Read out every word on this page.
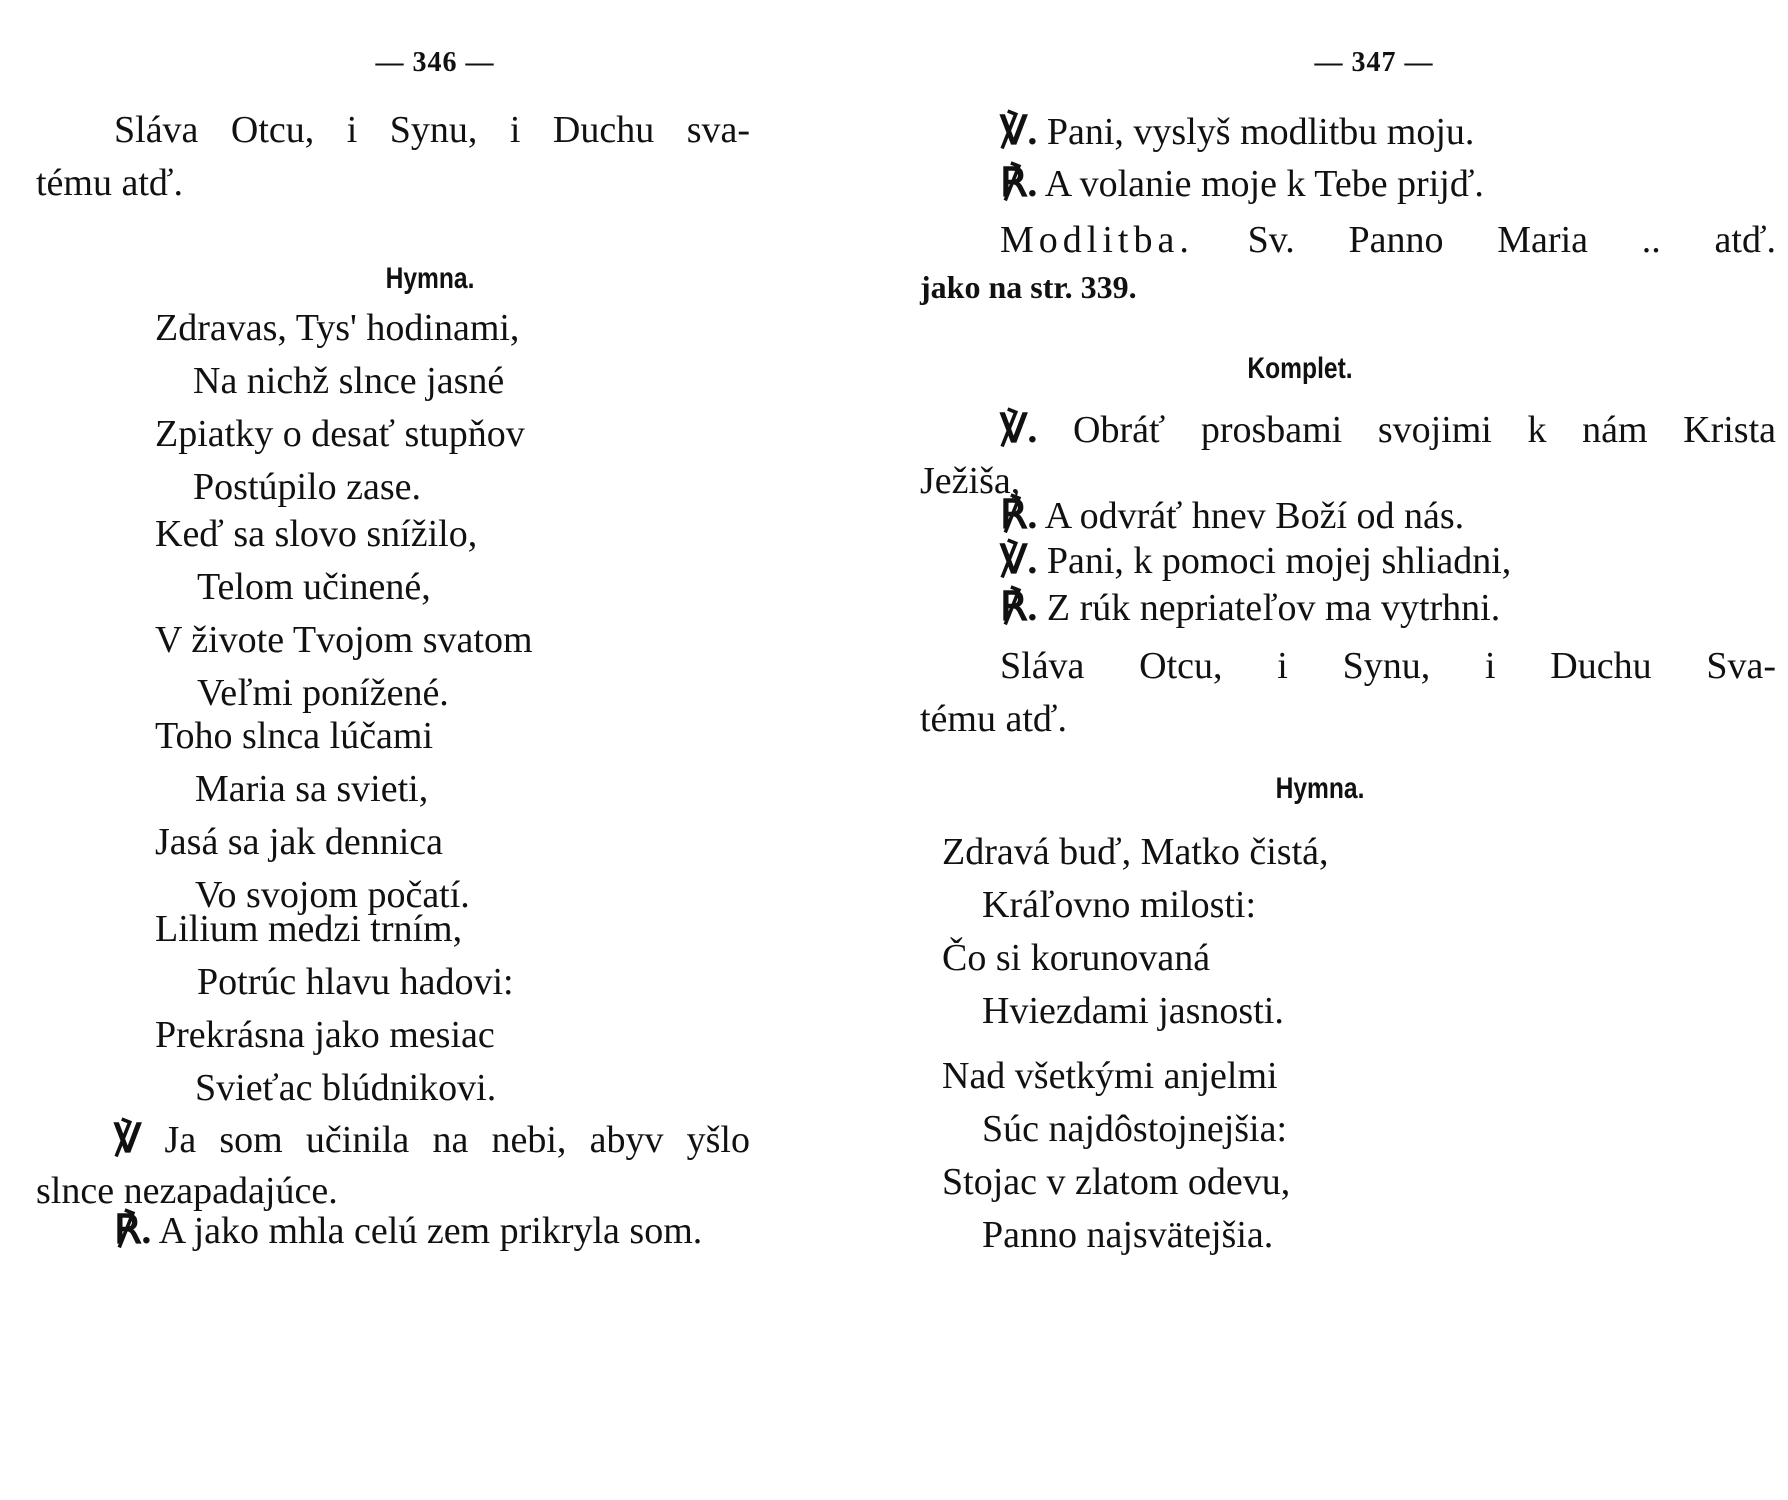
— 346 —
Sláva Otcu, i Synu, i Duchu sva-
tému atď.
Hymna.
Zdravas, Tys' hodinami,
Na nichž slnce jasné
Zpiatky o desať stupňov
Postúpilo zase.
Keď sa slovo snížilo,
Telom učinené,
V živote Tvojom svatom
Veľmi ponížené.
Toho slnca lúčami
Maria sa svieti,
Jasá sa jak dennica
Vo svojom počatí.
Lilium medzi trním,
Potrúc hlavu hadovi:
Prekrásna jako mesiac
Svieťac blúdnikovi.
℣ Ja som učinila na nebi, abyv yšlo
slnce nezapadajúce.
℟. A jako mhla celú zem prikryla som.
— 347 —
℣. Pani, vyslyš modlitbu moju.
℟. A volanie moje k Tebe prijď.
Modlitba. Sv. Panno Maria .. atď.
jako na str. 339.
Komplet.
℣. Obráť prosbami svojimi k nám Krista
Ježiša,
℟. A odvráť hnev Boží od nás.
℣. Pani, k pomoci mojej shliadni,
℟. Z rúk nepriateľov ma vytrhni.
Sláva Otcu, i Synu, i Duchu Sva-
tému atď.
Hymna.
Zdravá buď, Matko čistá,
Kráľovno milosti:
Čo si korunovaná
Hviezdami jasnosti.
Nad všetkými anjelmi
Súc najdôstojnejšia:
Stojac v zlatom odevu,
Panno najsvätejšia.
